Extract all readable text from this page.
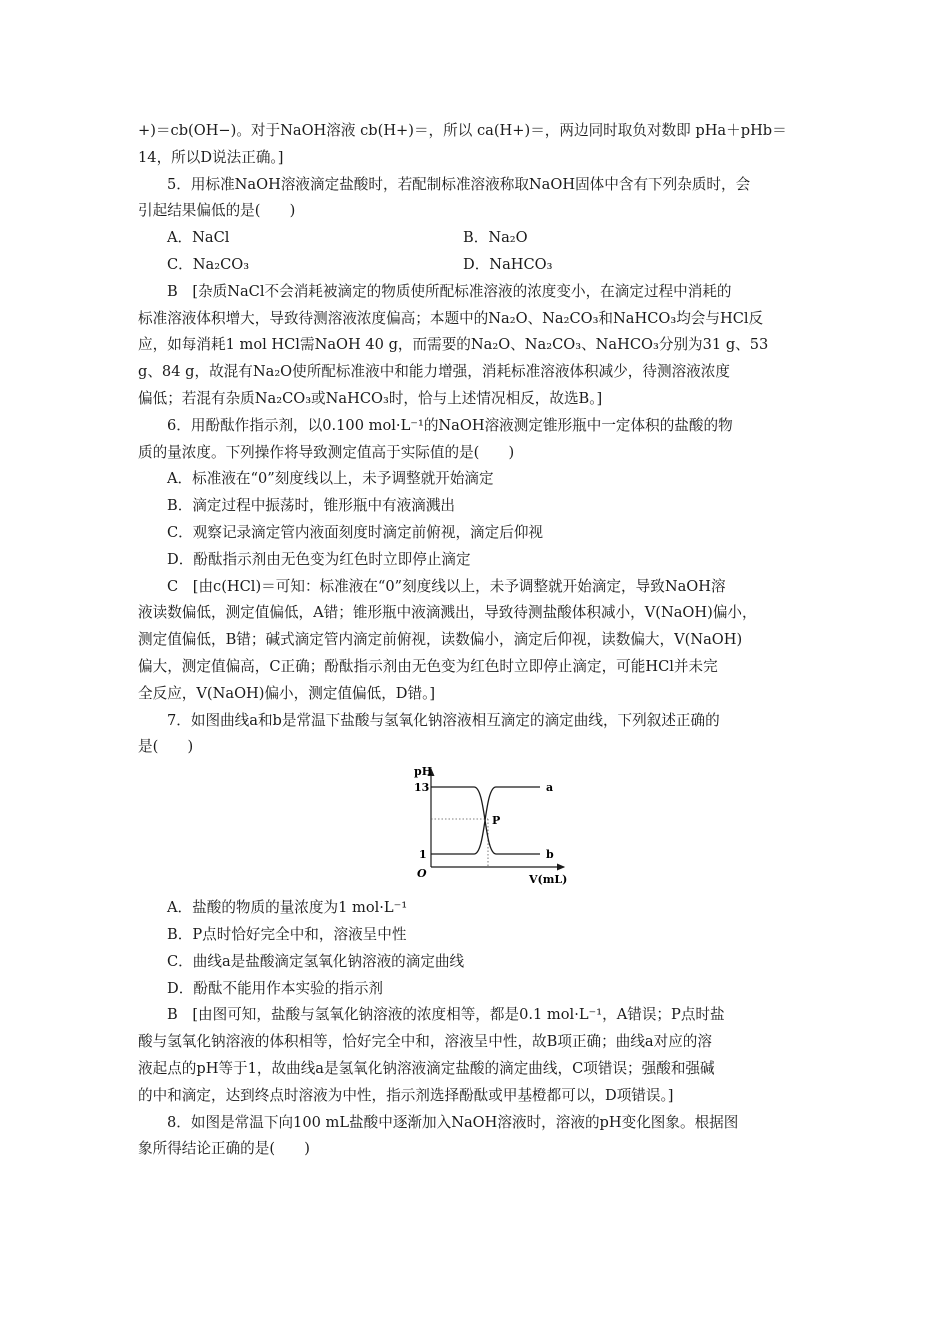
+)＝cb(OH−)。对于NaOH溶液 cb(H+)＝，所以 ca(H+)＝，两边同时取负对数即 pHa＋pHb＝
14，所以D说法正确。]
5．用标准NaOH溶液滴定盐酸时，若配制标准溶液称取NaOH固体中含有下列杂质时，会
引起结果偏低的是(　　)
A．NaCl	B．Na₂O
C．Na₂CO₃	D．NaHCO₃
B　[杂质NaCl不会消耗被滴定的物质使所配标准溶液的浓度变小，在滴定过程中消耗的
标准溶液体积增大，导致待测溶液浓度偏高；本题中的Na₂O、Na₂CO₃和NaHCO₃均会与HCl反
应，如每消耗1 mol HCl需NaOH 40 g，而需要的Na₂O、Na₂CO₃、NaHCO₃分别为31 g、53
g、84 g，故混有Na₂O使所配标准液中和能力增强，消耗标准溶液体积减少，待测溶液浓度
偏低；若混有杂质Na₂CO₃或NaHCO₃时，恰与上述情况相反，故选B。]
6．用酚酞作指示剂，以0.100 mol·L⁻¹的NaOH溶液测定锥形瓶中一定体积的盐酸的物
质的量浓度。下列操作将导致测定值高于实际值的是(　　)
A．标准液在“0”刻度线以上，未予调整就开始滴定
B．滴定过程中振荡时，锥形瓶中有液滴溅出
C．观察记录滴定管内液面刻度时滴定前俯视，滴定后仰视
D．酚酞指示剂由无色变为红色时立即停止滴定
C　[由c(HCl)＝可知：标准液在“0”刻度线以上，未予调整就开始滴定，导致NaOH溶
液读数偏低，测定值偏低，A错；锥形瓶中液滴溅出，导致待测盐酸体积减小，V(NaOH)偏小，
测定值偏低，B错；碱式滴定管内滴定前俯视，读数偏小，滴定后仰视，读数偏大，V(NaOH)
偏大，测定值偏高，C正确；酚酞指示剂由无色变为红色时立即停止滴定，可能HCl并未完
全反应，V(NaOH)偏小，测定值偏低，D错。]
7．如图曲线a和b是常温下盐酸与氢氧化钠溶液相互滴定的滴定曲线，下列叙述正确的
是(　　)
pH
13
1
O
a
b
P
V(mL)
A．盐酸的物质的量浓度为1 mol·L⁻¹
B．P点时恰好完全中和，溶液呈中性
C．曲线a是盐酸滴定氢氧化钠溶液的滴定曲线
D．酚酞不能用作本实验的指示剂
B　[由图可知，盐酸与氢氧化钠溶液的浓度相等，都是0.1 mol·L⁻¹，A错误；P点时盐
酸与氢氧化钠溶液的体积相等，恰好完全中和，溶液呈中性，故B项正确；曲线a对应的溶
液起点的pH等于1，故曲线a是氢氧化钠溶液滴定盐酸的滴定曲线，C项错误；强酸和强碱
的中和滴定，达到终点时溶液为中性，指示剂选择酚酞或甲基橙都可以，D项错误。]
8．如图是常温下向100 mL盐酸中逐渐加入NaOH溶液时，溶液的pH变化图象。根据图
象所得结论正确的是(　　)
